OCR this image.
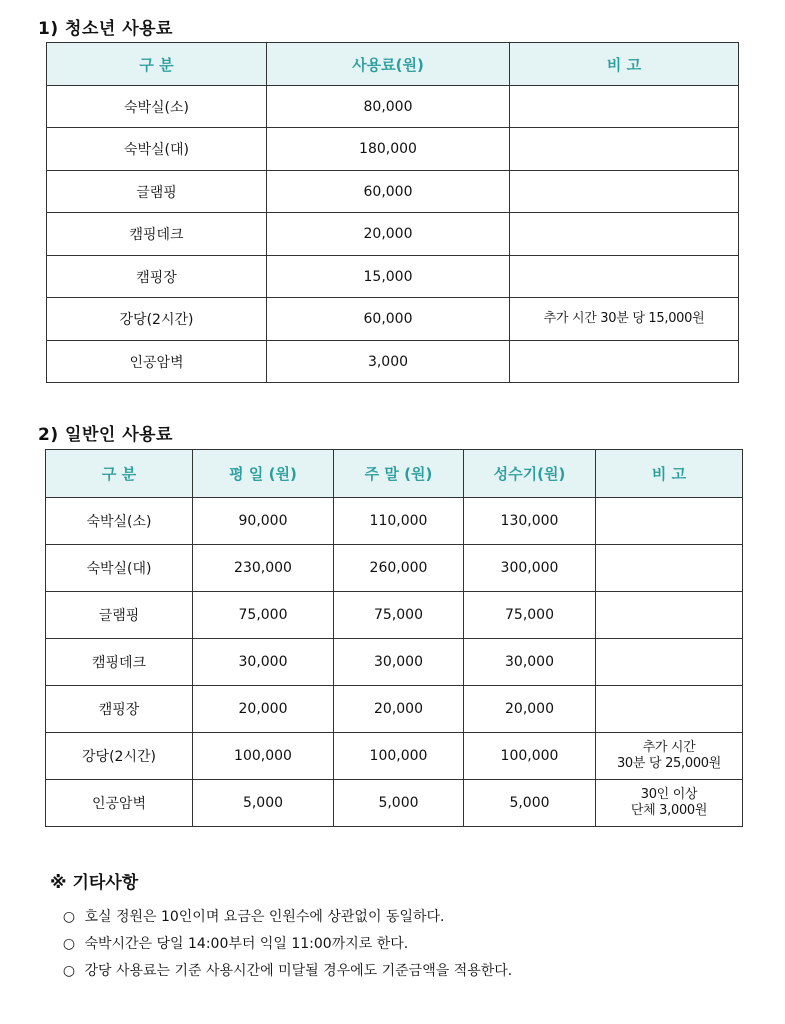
1) 청소년 사용료
구 분	사용료(원)	비 고
숙박실(소)	80,000	
숙박실(대)	180,000	
글램핑	60,000	
캠핑데크	20,000	
캠핑장	15,000	
강당(2시간)	60,000	추가 시간 30분 당 15,000원
인공암벽	3,000	
2) 일반인 사용료
구 분	평 일 (원)	주 말 (원)	성수기(원)	비 고
숙박실(소)	90,000	110,000	130,000	

숙박실(대)	230,000	260,000	300,000	

글램핑	75,000	75,000	75,000	

캠핑데크	30,000	30,000	30,000	

캠핑장	20,000	20,000	20,000	

강당(2시간)	100,000	100,000	100,000	추가 시간
30분 당 25,000원

인공암벽	5,000	5,000	5,000	30인 이상
단체 3,000원
※ 기타사항
○ 호실 정원은 10인이며 요금은 인원수에 상관없이 동일하다.
○ 숙박시간은 당일 14:00부터 익일 11:00까지로 한다.
○ 강당 사용료는 기준 사용시간에 미달될 경우에도 기준금액을 적용한다.
